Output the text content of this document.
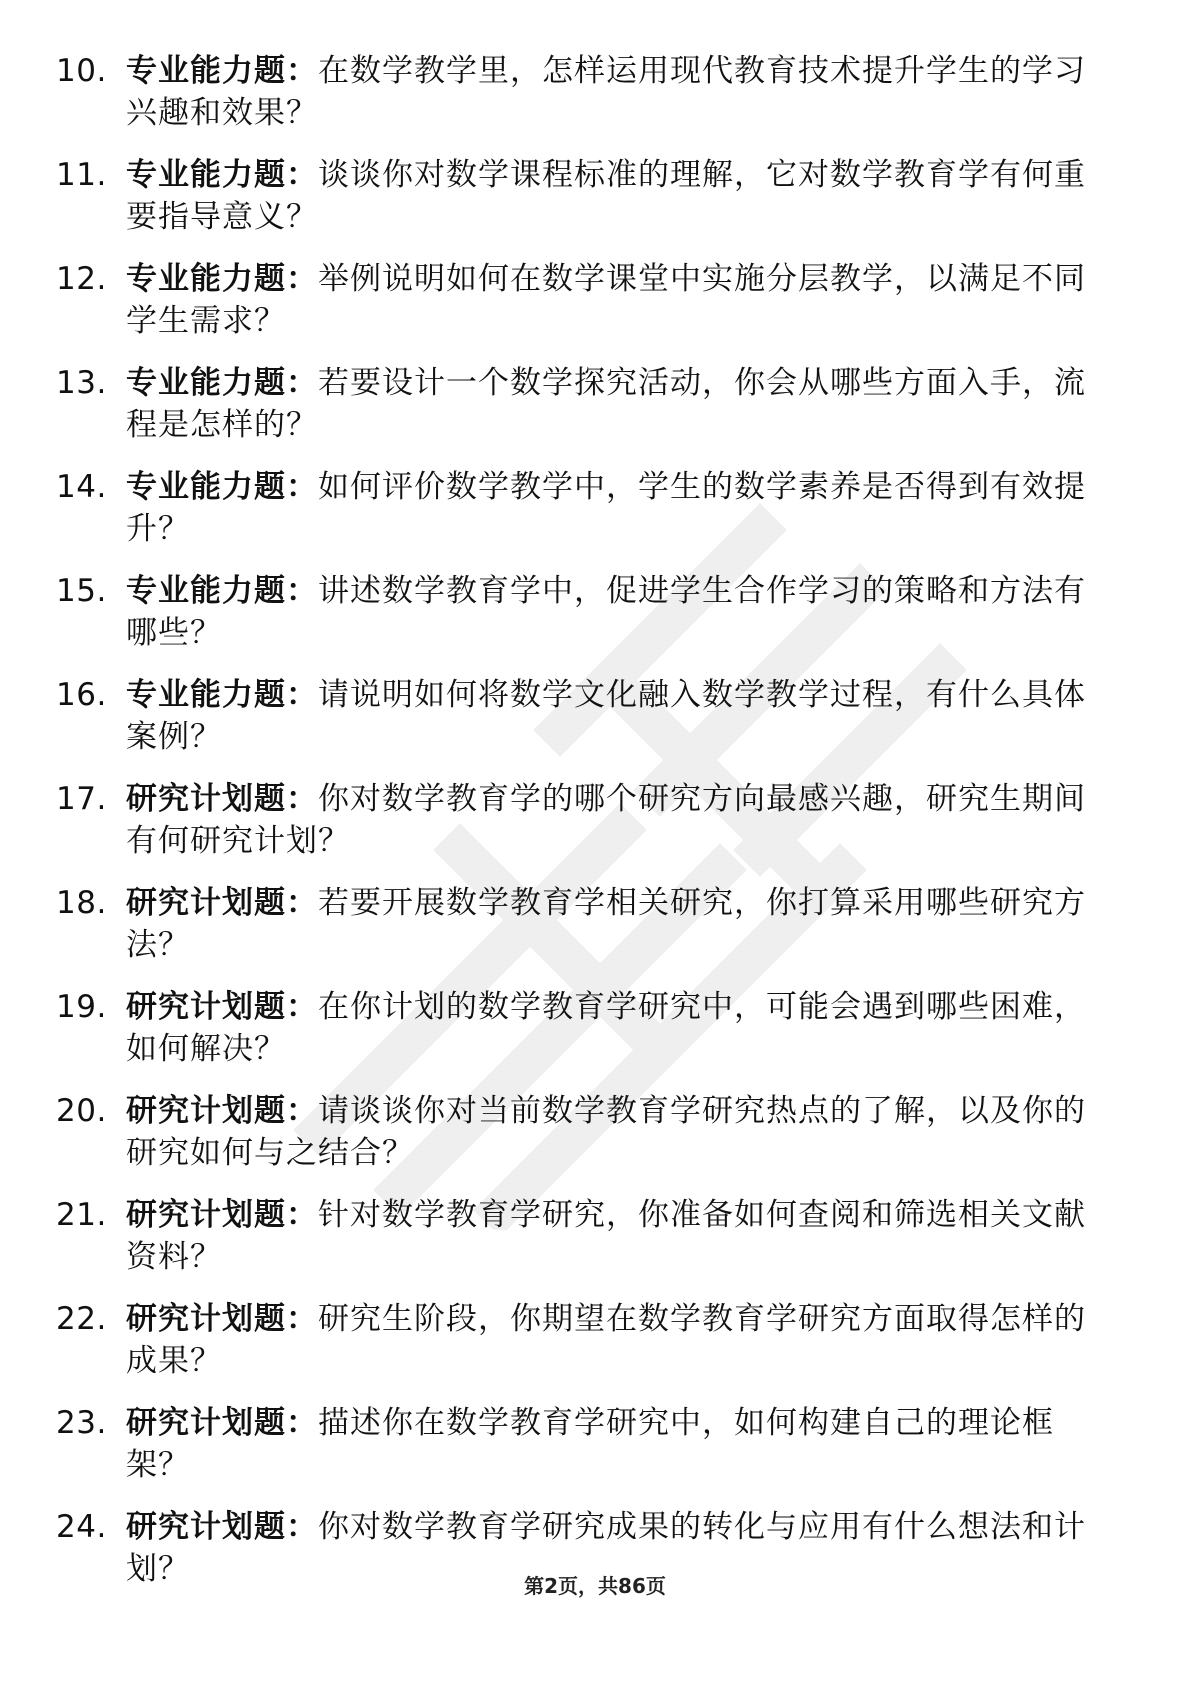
10. 专业能力题：在数学教学里，怎样运用现代教育技术提升学生的学习兴趣和效果？
11. 专业能力题：谈谈你对数学课程标准的理解，它对数学教育学有何重要指导意义？
12. 专业能力题：举例说明如何在数学课堂中实施分层教学，以满足不同学生需求？
13. 专业能力题：若要设计一个数学探究活动，你会从哪些方面入手，流程是怎样的？
14. 专业能力题：如何评价数学教学中，学生的数学素养是否得到有效提升？
15. 专业能力题：讲述数学教育学中，促进学生合作学习的策略和方法有哪些？
16. 专业能力题：请说明如何将数学文化融入数学教学过程，有什么具体案例？
17. 研究计划题：你对数学教育学的哪个研究方向最感兴趣，研究生期间有何研究计划？
18. 研究计划题：若要开展数学教育学相关研究，你打算采用哪些研究方法？
19. 研究计划题：在你计划的数学教育学研究中，可能会遇到哪些困难，如何解决？
20. 研究计划题：请谈谈你对当前数学教育学研究热点的了解，以及你的研究如何与之结合？
21. 研究计划题：针对数学教育学研究，你准备如何查阅和筛选相关文献资料？
22. 研究计划题：研究生阶段，你期望在数学教育学研究方面取得怎样的成果？
23. 研究计划题：描述你在数学教育学研究中，如何构建自己的理论框架？
24. 研究计划题：你对数学教育学研究成果的转化与应用有什么想法和计划？	第2页，共86页
